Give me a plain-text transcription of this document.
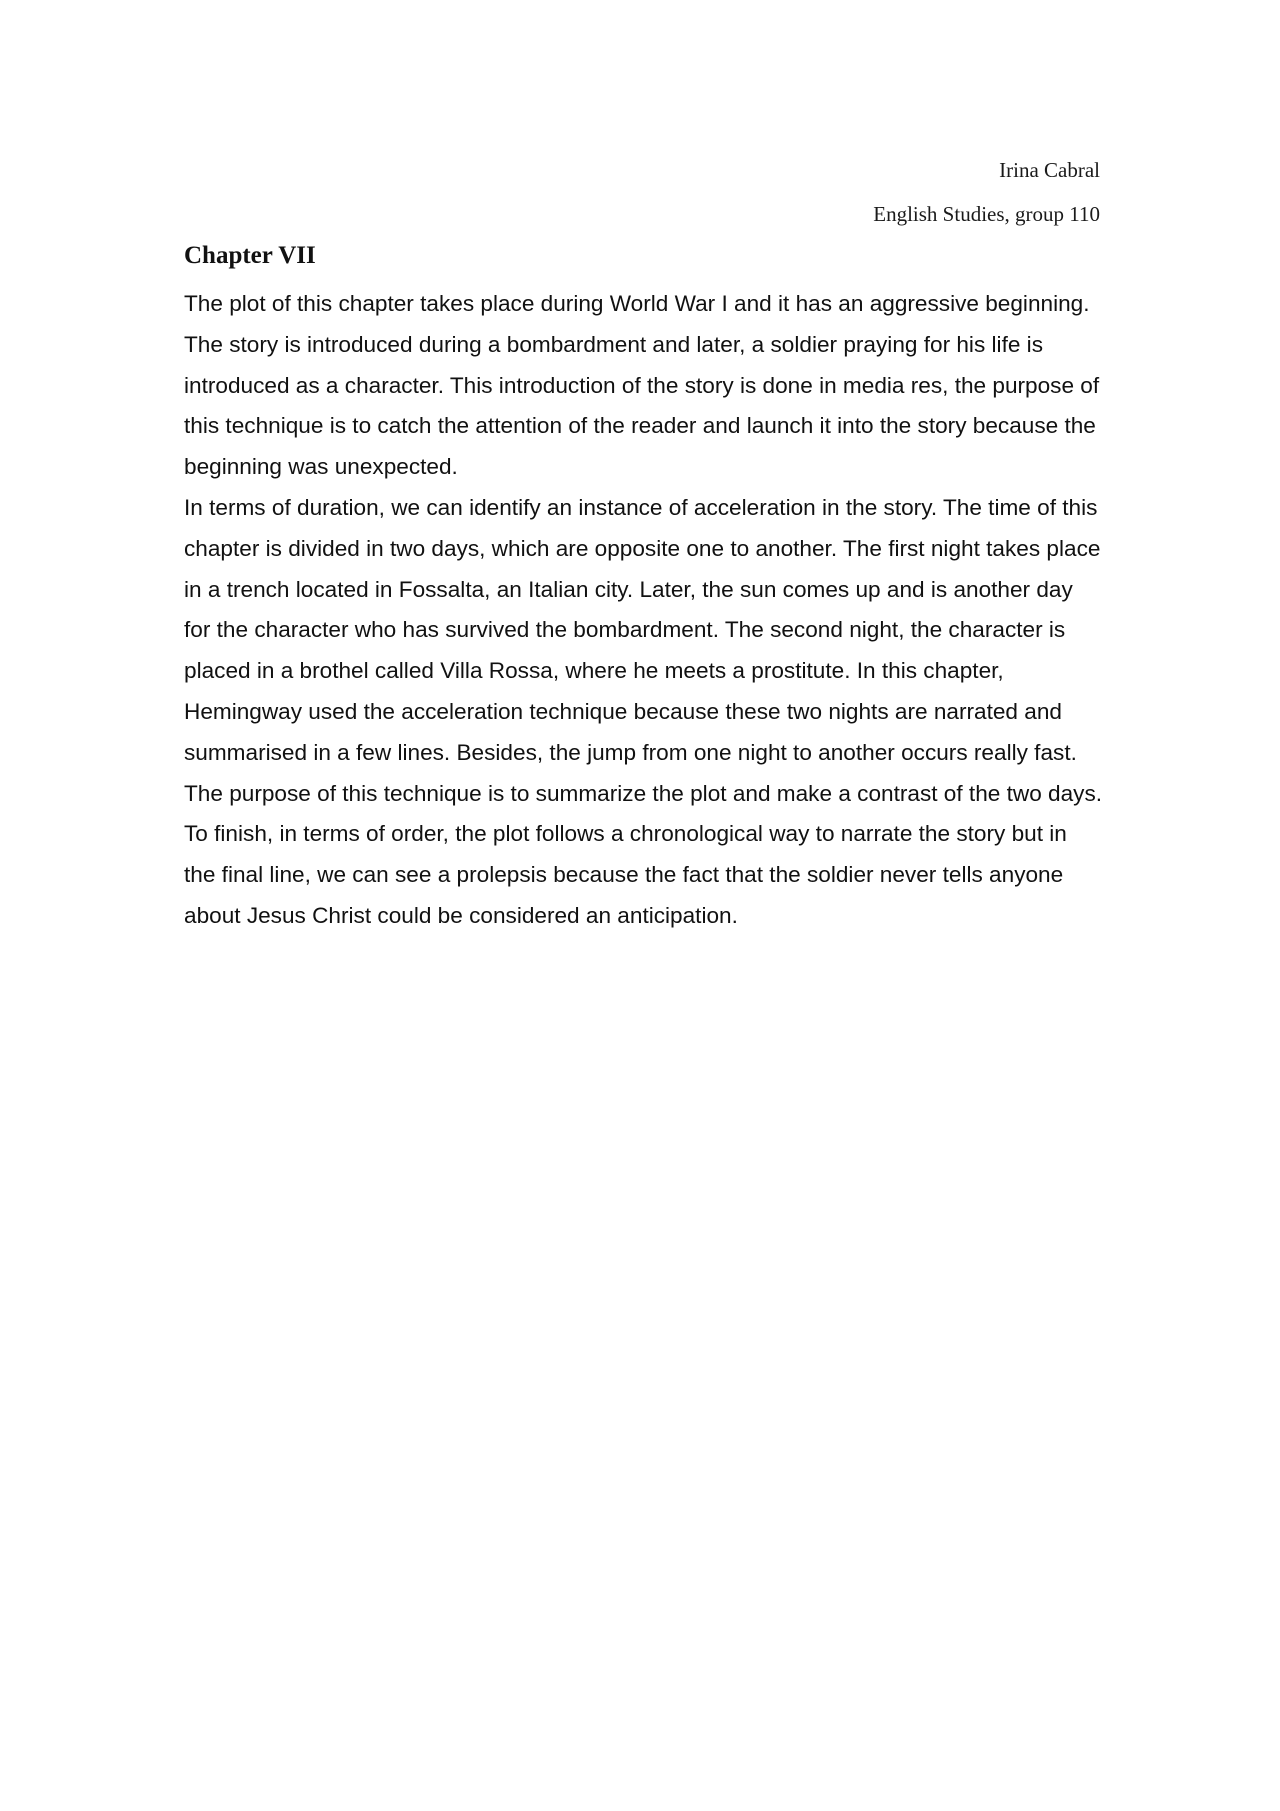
Irina Cabral
English Studies, group 110
Chapter VII

The plot of this chapter takes place during World War I and it has an aggressive beginning. The story is introduced during a bombardment and later, a soldier praying for his life is introduced as a character. This introduction of the story is done in media res, the purpose of this technique is to catch the attention of the reader and launch it into the story because the beginning was unexpected.

In terms of duration, we can identify an instance of acceleration in the story. The time of this chapter is divided in two days, which are opposite one to another. The first night takes place in a trench located in Fossalta, an Italian city. Later, the sun comes up and is another day for the character who has survived the bombardment. The second night, the character is placed in a brothel called Villa Rossa, where he meets a prostitute. In this chapter, Hemingway used the acceleration technique because these two nights are narrated and summarised in a few lines. Besides, the jump from one night to another occurs really fast. The purpose of this technique is to summarize the plot and make a contrast of the two days.

To finish, in terms of order, the plot follows a chronological way to narrate the story but in the final line, we can see a prolepsis because the fact that the soldier never tells anyone about Jesus Christ could be considered an anticipation.
